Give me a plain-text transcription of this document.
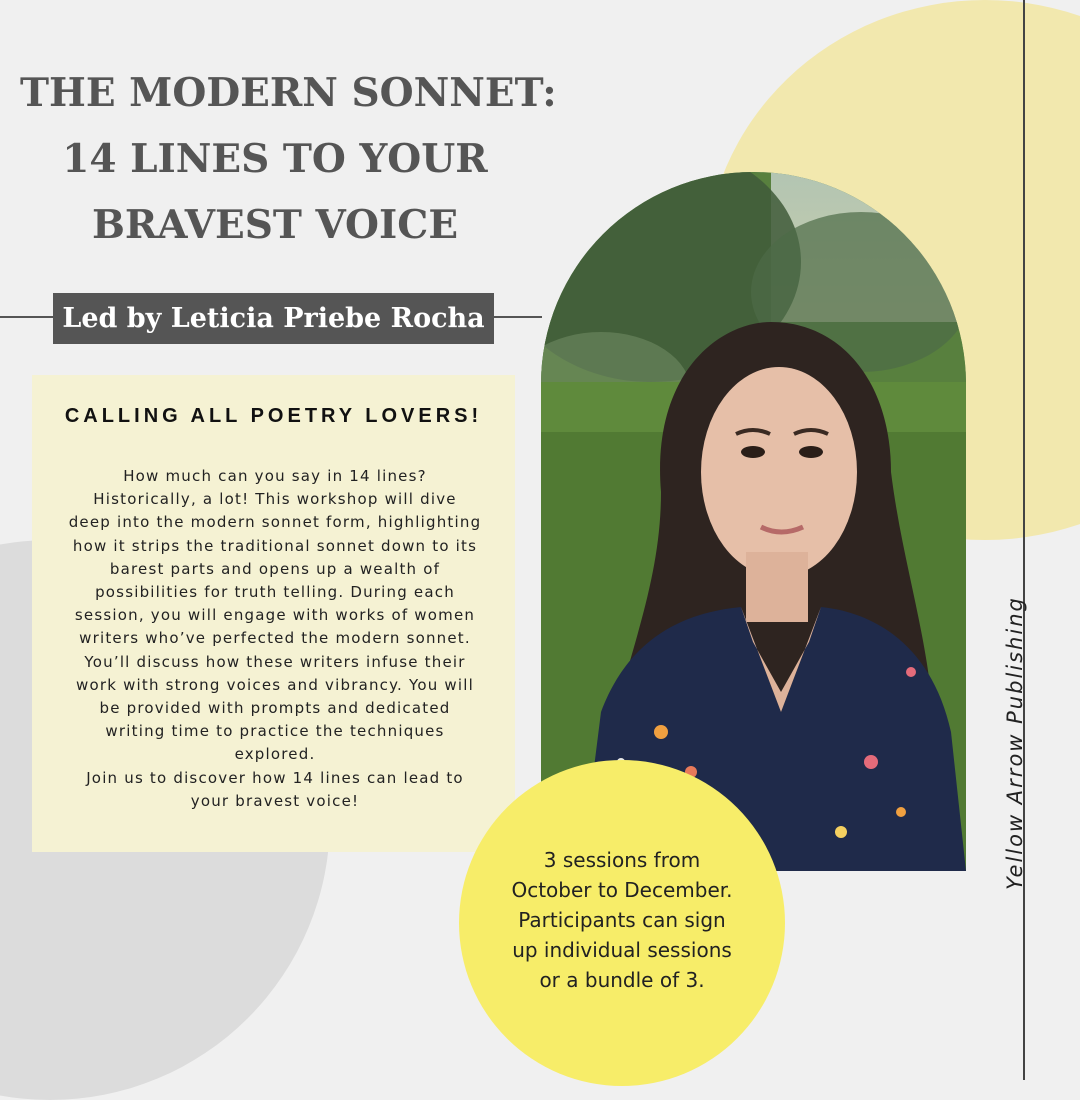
THE MODERN SONNET:
14 LINES TO YOUR
BRAVEST VOICE
Led by Leticia Priebe Rocha
CALLING ALL POETRY LOVERS!
How much can you say in 14 lines?
Historically, a lot! This workshop will dive
deep into the modern sonnet form, highlighting
how it strips the traditional sonnet down to its
barest parts and opens up a wealth of
possibilities for truth telling. During each
session, you will engage with works of women
writers who’ve perfected the modern sonnet.
You’ll discuss how these writers infuse their
work with strong voices and vibrancy. You will
be provided with prompts and dedicated
writing time to practice the techniques
explored.
Join us to discover how 14 lines can lead to
your bravest voice!	Yellow Arrow Publishing
3 sessions from
October to December.
Participants can sign
up individual sessions
or a bundle of 3.
